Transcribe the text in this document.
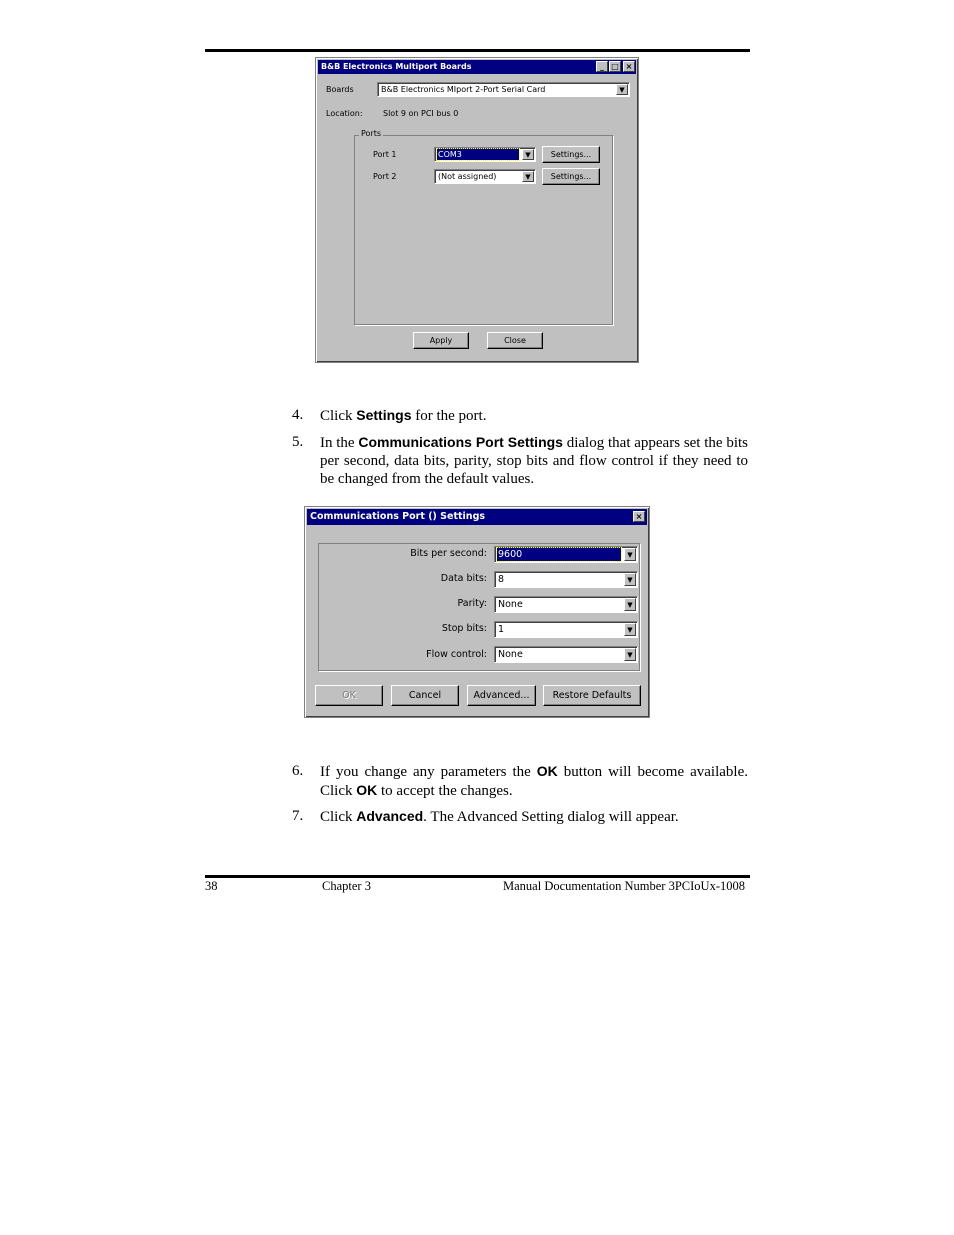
B&B Electronics Multiport Boards	_ □ ×
Boards	B&B Electronics MIport 2-Port Serial Card	▼
Location:	Slot 9 on PCI bus 0
Ports
Port 1	COM3	▼	Settings...
Port 2	(Not assigned)	▼	Settings...
Apply	Close
4. Click Settings for the port.
5. In the Communications Port Settings dialog that appears set the bits per second, data bits, parity, stop bits and flow control if they need to be changed from the default values.
Communications Port () Settings	×
Bits per second: 9600	▼
Data bits: 8	▼
Parity: None	▼
Stop bits: 1	▼
Flow control: None	▼
OK	Cancel	Advanced...	Restore Defaults
6. If you change any parameters the OK button will become available. Click OK to accept the changes.
7. Click Advanced. The Advanced Setting dialog will appear.
38	Chapter 3	Manual Documentation Number 3PCIoUx-1008
